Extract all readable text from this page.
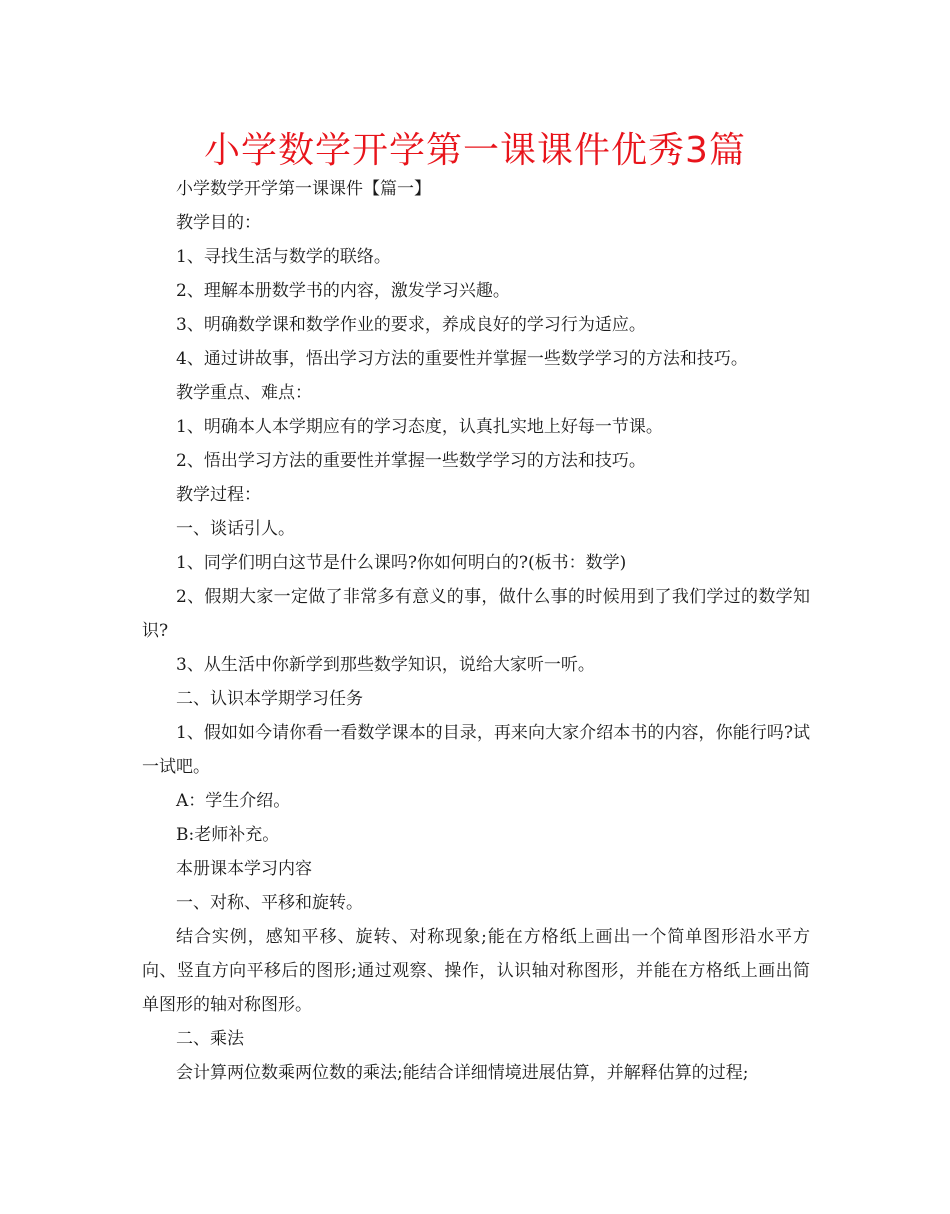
小学数学开学第一课课件优秀3篇

小学数学开学第一课课件【篇一】

教学目的：

1、寻找生活与数学的联络。

2、理解本册数学书的内容，激发学习兴趣。

3、明确数学课和数学作业的要求，养成良好的学习行为适应。

4、通过讲故事，悟出学习方法的重要性并掌握一些数学学习的方法和技巧。

教学重点、难点：

1、明确本人本学期应有的学习态度，认真扎实地上好每一节课。

2、悟出学习方法的重要性并掌握一些数学学习的方法和技巧。

教学过程：

一、谈话引人。

1、同学们明白这节是什么课吗?你如何明白的?(板书：数学)

2、假期大家一定做了非常多有意义的事，做什么事的时候用到了我们学过的数学知识?

3、从生活中你新学到那些数学知识，说给大家听一听。

二、认识本学期学习任务

1、假如如今请你看一看数学课本的目录，再来向大家介绍本书的内容，你能行吗?试一试吧。

A：学生介绍。

B:老师补充。

本册课本学习内容

一、对称、平移和旋转。

结合实例，感知平移、旋转、对称现象;能在方格纸上画出一个简单图形沿水平方向、竖直方向平移后的图形;通过观察、操作，认识轴对称图形，并能在方格纸上画出简单图形的轴对称图形。

二、乘法

会计算两位数乘两位数的乘法;能结合详细情境进展估算，并解释估算的过程;
